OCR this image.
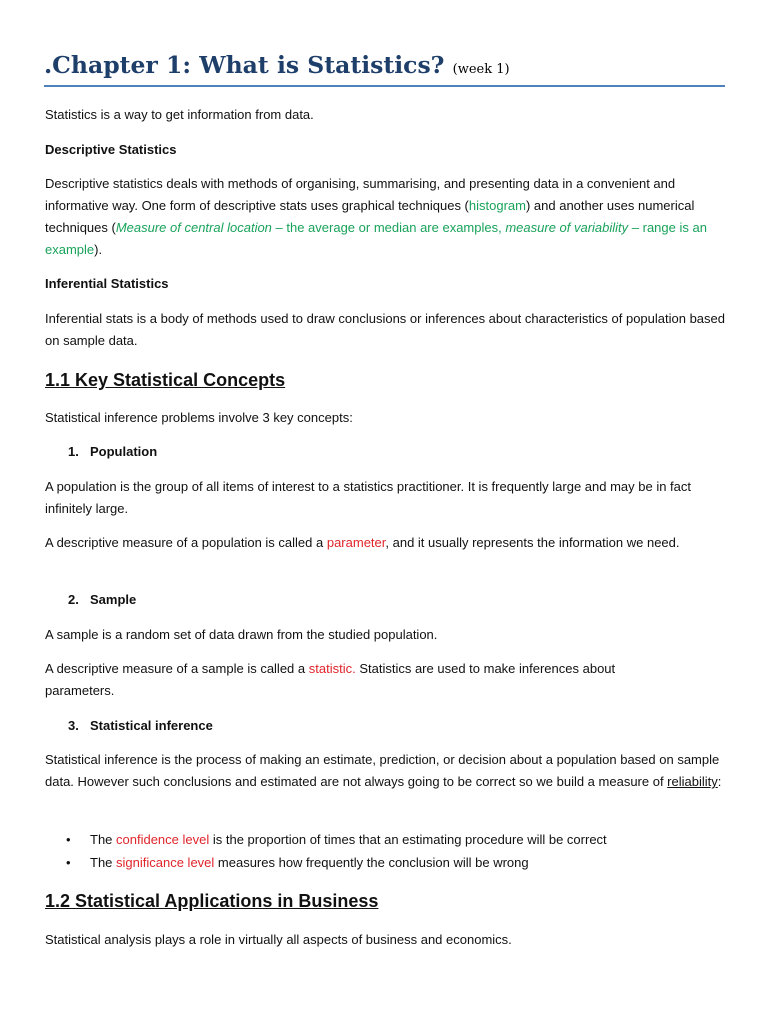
.Chapter 1: What is Statistics? (week 1)
Statistics is a way to get information from data.
Descriptive Statistics
Descriptive statistics deals with methods of organising, summarising, and presenting data in a convenient and informative way. One form of descriptive stats uses graphical techniques (histogram) and another uses numerical techniques (Measure of central location – the average or median are examples, measure of variability – range is an example).
Inferential Statistics
Inferential stats is a body of methods used to draw conclusions or inferences about characteristics of population based on sample data.
1.1 Key Statistical Concepts
Statistical inference problems involve 3 key concepts:
1. Population
A population is the group of all items of interest to a statistics practitioner. It is frequently large and may be in fact infinitely large.
A descriptive measure of a population is called a parameter, and it usually represents the information we need.
2. Sample
A sample is a random set of data drawn from the studied population.
A descriptive measure of a sample is called a statistic. Statistics are used to make inferences about parameters.
3. Statistical inference
Statistical inference is the process of making an estimate, prediction, or decision about a population based on sample data. However such conclusions and estimated are not always going to be correct so we build a measure of reliability:
• The confidence level is the proportion of times that an estimating procedure will be correct
• The significance level measures how frequently the conclusion will be wrong
1.2 Statistical Applications in Business
Statistical analysis plays a role in virtually all aspects of business and economics.
